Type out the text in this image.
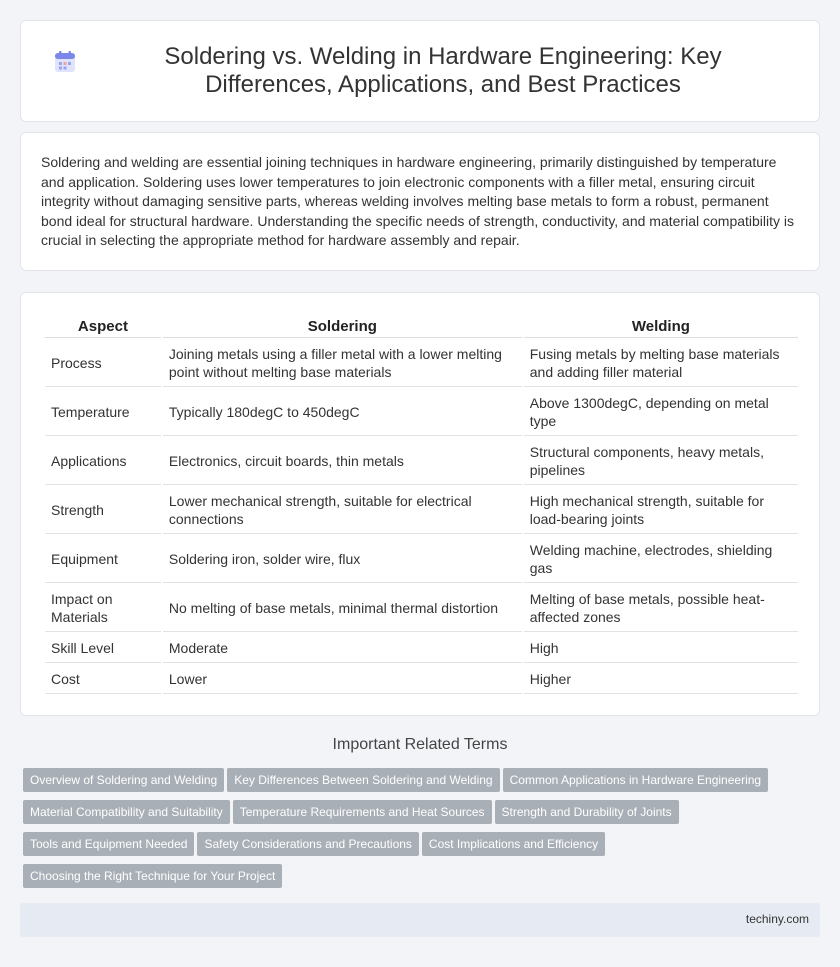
Soldering vs. Welding in Hardware Engineering: Key Differences, Applications, and Best Practices

Soldering and welding are essential joining techniques in hardware engineering, primarily distinguished by temperature and application. Soldering uses lower temperatures to join electronic components with a filler metal, ensuring circuit integrity without damaging sensitive parts, whereas welding involves melting base metals to form a robust, permanent bond ideal for structural hardware. Understanding the specific needs of strength, conductivity, and material compatibility is crucial in selecting the appropriate method for hardware assembly and repair.

Aspect	Soldering	Welding
Process	Joining metals using a filler metal with a lower melting point without melting base materials	Fusing metals by melting base materials and adding filler material
Temperature	Typically 180degC to 450degC	Above 1300degC, depending on metal type
Applications	Electronics, circuit boards, thin metals	Structural components, heavy metals, pipelines
Strength	Lower mechanical strength, suitable for electrical connections	High mechanical strength, suitable for load-bearing joints
Equipment	Soldering iron, solder wire, flux	Welding machine, electrodes, shielding gas
Impact on Materials	No melting of base metals, minimal thermal distortion	Melting of base metals, possible heat-affected zones
Skill Level	Moderate	High
Cost	Lower	Higher
Important Related Terms
Overview of Soldering and Welding Key Differences Between Soldering and Welding Common Applications in Hardware EngineeringMaterial Compatibility and Suitability Temperature Requirements and Heat Sources Strength and Durability of JointsTools and Equipment Needed Safety Considerations and Precautions Cost Implications and EfficiencyChoosing the Right Technique for Your Project
techiny.com
